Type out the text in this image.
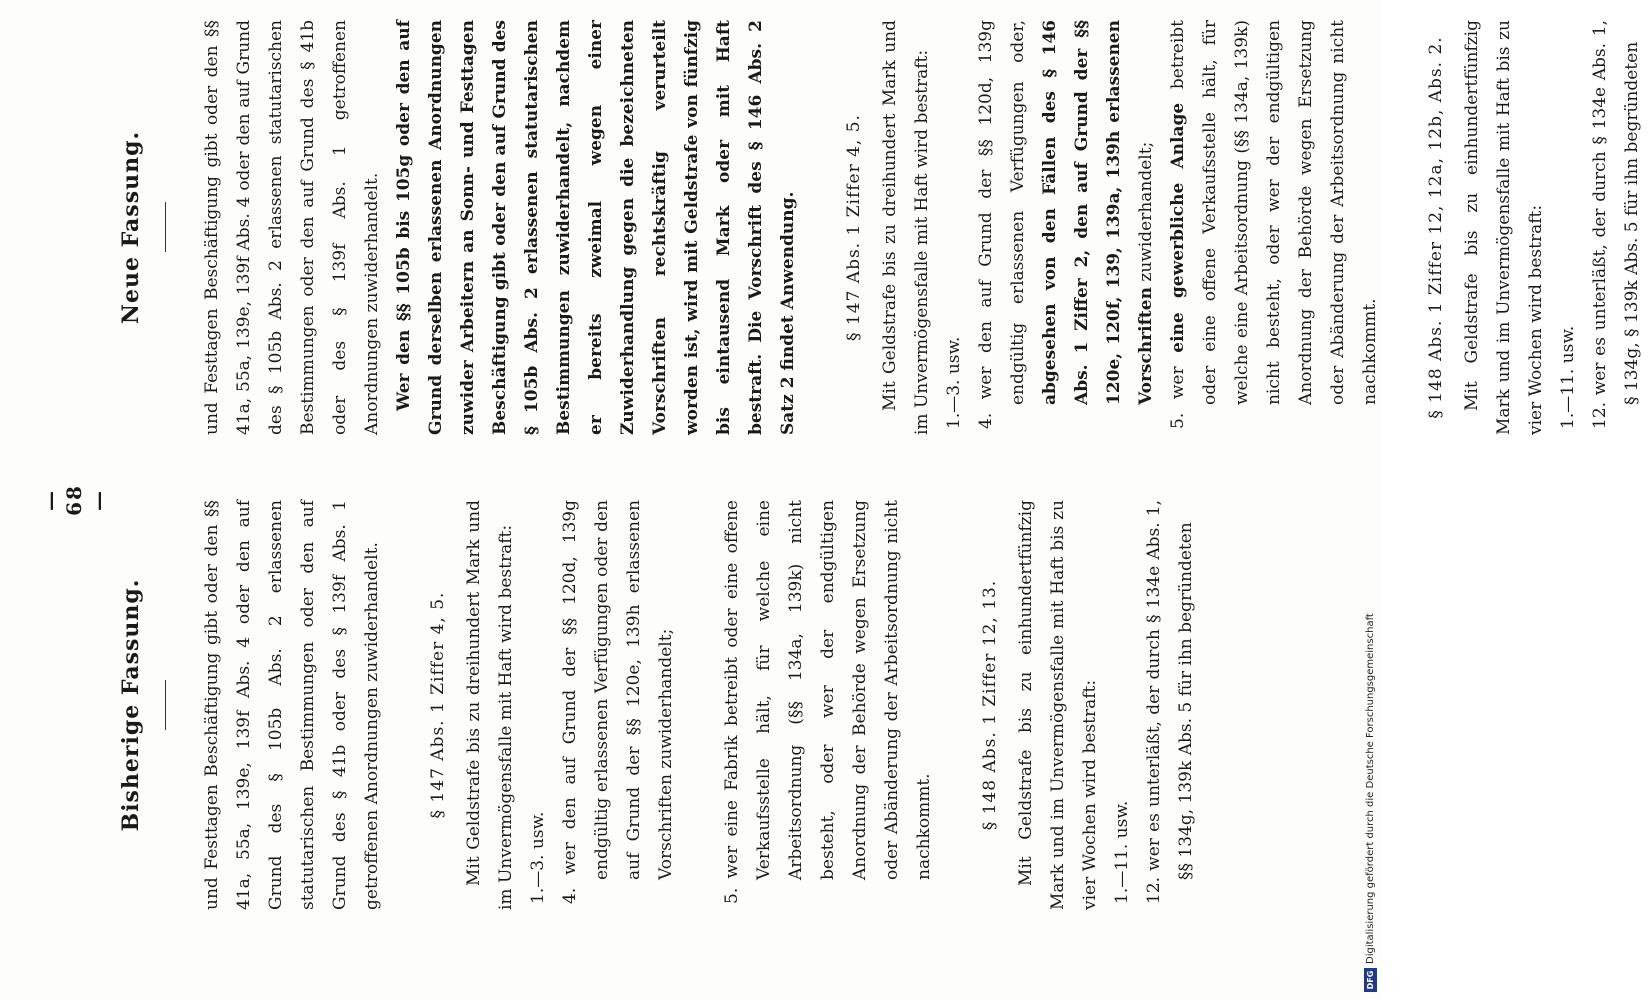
— 68 —

Bisherige Fassung.	und Festtagen Beschäftigung gibt oder den §§ 41a, 55a, 139e, 139f Abs. 4 oder den auf Grund des § 105b Abs. 2 erlassenen statutarischen Bestimmungen oder den auf Grund des § 41b oder des § 139f Abs. 1 getroffenen Anordnungen zuwiderhandelt.	§ 147 Abs. 1 Ziffer 4, 5. Mit Geldstrafe bis zu dreihundert Mark und im Unvermögensfalle mit Haft wird bestraft: 1.—3. usw. 4. wer den auf Grund der §§ 120d, 139g endgültig erlassenen Verfügungen oder den auf Grund der §§ 120e, 139h erlassenen Vorschriften zuwiderhandelt;	5. wer eine Fabrik betreibt oder eine offene Verkaufsstelle hält, für welche eine Arbeitsordnung (§§ 134a, 139k) nicht besteht, oder wer der endgültigen Anordnung der Behörde wegen Ersetzung oder Abänderung der Arbeitsordnung nicht nachkommt.	§ 148 Abs. 1 Ziffer 12, 13. Mit Geldstrafe bis zu einhundertfünfzig Mark und im Unvermögensfalle mit Haft bis zu vier Wochen wird bestraft: 1.—11. usw. 12. wer es unterläßt, der durch § 134e Abs. 1, §§ 134g, 139k Abs. 5 für ihn begründeten

Neue Fassung.	und Festtagen Beschäftigung gibt oder den §§ 41a, 55a, 139e, 139f Abs. 4 oder den auf Grund des § 105b Abs. 2 erlassenen statutarischen Bestimmungen oder den auf Grund des § 41b oder des § 139f Abs. 1 getroffenen Anordnungen zuwiderhandelt. Wer den §§ 105b bis 105g oder den auf Grund derselben erlassenen Anordnungen zuwider Arbeitern an Sonn- und Festtagen Beschäftigung gibt oder den auf Grund des § 105b Abs. 2 erlassenen statutarischen Bestimmungen zuwiderhandelt, nachdem er bereits zweimal wegen einer Zuwiderhandlung gegen die bezeichneten Vorschriften rechtskräftig verurteilt worden ist, wird mit Geldstrafe von fünfzig bis eintausend Mark oder mit Haft bestraft. Die Vorschrift des § 146 Abs. 2 Satz 2 findet Anwendung.	§ 147 Abs. 1 Ziffer 4, 5. Mit Geldstrafe bis zu dreihundert Mark und im Unvermögensfalle mit Haft wird bestraft: 1.—3. usw. 4. wer den auf Grund der §§ 120d, 139g endgültig erlassenen Verfügungen oder, abgesehen von den Fällen des § 146 Abs. 1 Ziffer 2, den auf Grund der §§ 120e, 120f, 139, 139a, 139h erlassenen Vorschriften zuwiderhandelt;

5. wer eine gewerbliche Anlage betreibt oder eine offene Verkaufsstelle hält, für welche eine Arbeitsordnung (§§ 134a, 139k) nicht besteht, oder wer der endgültigen Anordnung der Behörde wegen Ersetzung oder Abänderung der Arbeitsordnung nicht nachkommt.	§ 148 Abs. 1 Ziffer 12, 12a, 12b, Abs. 2. Mit Geldstrafe bis zu einhundertfünfzig Mark und im Unvermögensfalle mit Haft bis zu vier Wochen wird bestraft: 1.—11. usw. 12. wer es unterläßt, der durch § 134e Abs. 1, § 134g, § 139k Abs. 5 für ihn begründeten

DFG
Digitalisierung gefördert durch die Deutsche Forschungsgemeinschaft
